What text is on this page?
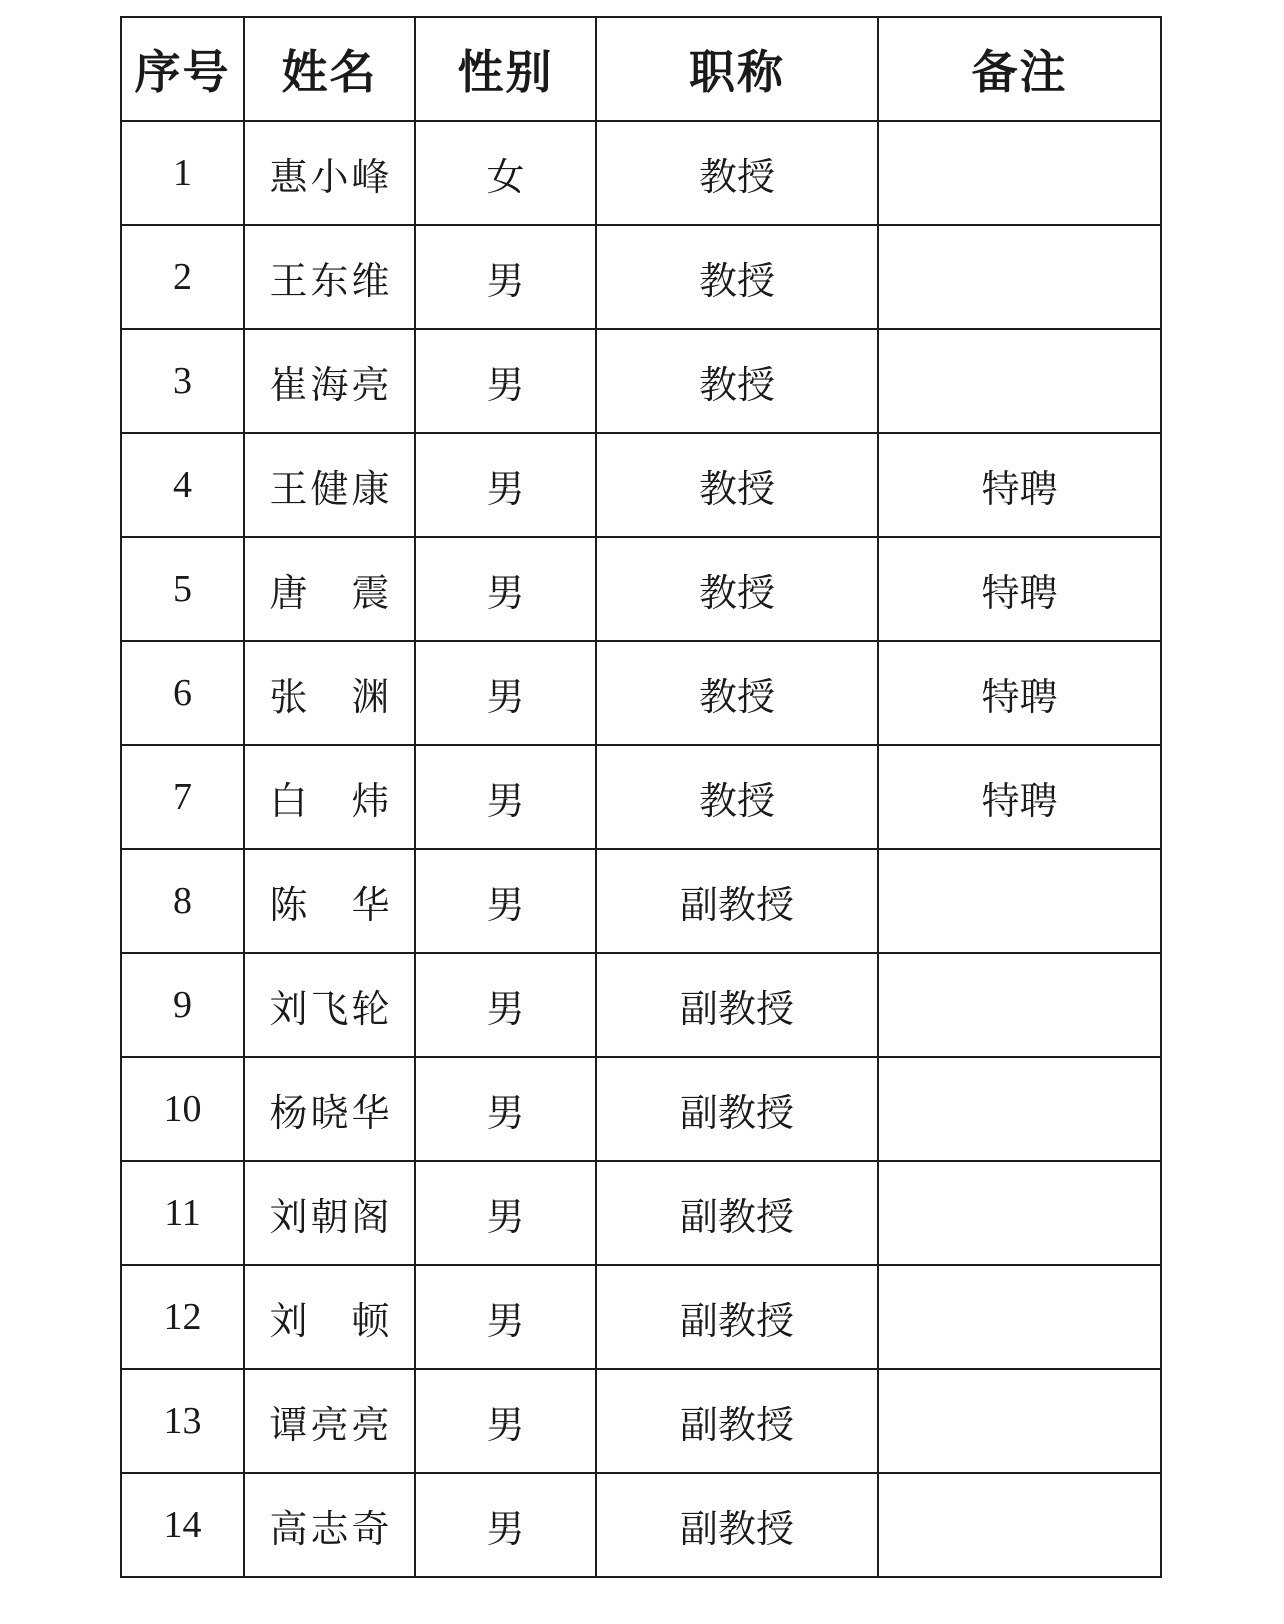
序号	姓名	性别	职称	备注
1	惠小峰	女	教授	
2	王东维	男	教授	
3	崔海亮	男	教授	
4	王健康	男	教授	特聘
5	唐 震	男	教授	特聘
6	张 渊	男	教授	特聘
7	白 炜	男	教授	特聘
8	陈 华	男	副教授	
9	刘飞轮	男	副教授	
10	杨晓华	男	副教授	
11	刘朝阁	男	副教授	
12	刘 顿	男	副教授	
13	谭亮亮	男	副教授	
14	高志奇	男	副教授	
